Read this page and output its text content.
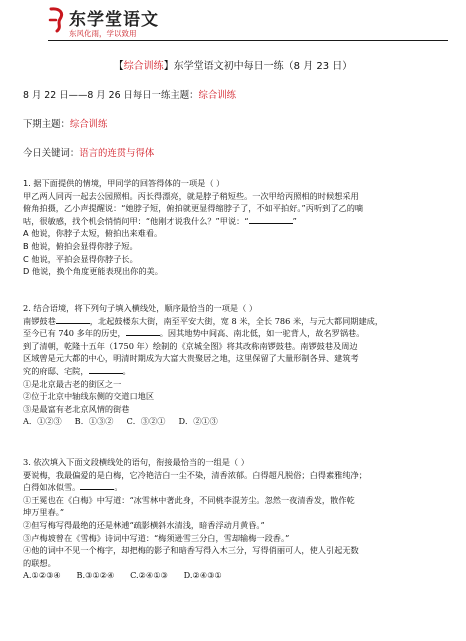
东学堂语文
东风化雨，学以致用
【综合训练】东学堂语文初中每日一练（8 月 23 日）
8 月 22 日——8 月 26 日每日一练主题：综合训练
下期主题：综合训练
今日关键词：语言的连贯与得体
1. 据下面提供的情境，甲同学的回答得体的一项是（ ）
甲乙两人同丙一起去公园照相。丙长得漂亮，就是脖子稍短些。一次甲给丙照相的时候想采用
俯角拍摄，乙小声提醒说：“她脖子短，俯拍就更显得缩脖子了，不如平拍好。”丙听到了乙的嘀
咕，很敏感，找个机会悄悄问甲：“他刚才说我什么？”甲说：“	”
A 他说，你脖子太短，俯拍出来难看。
B 他说，俯拍会显得你脖子短。
C 他说，平拍会显得你脖子长。
D 他说，换个角度更能表现出你的美。
2. 结合语境，将下列句子填入横线处，顺序最恰当的一项是（ ）
南锣鼓巷	，北起鼓楼东大街，南至平安大街，宽 8 米，全长 786 米，与元大都同期建成，
至今已有 740 多年的历史，	。因其地势中间高、南北低，如一驼背人，故名罗锅巷。
到了清朝，乾隆十五年（1750 年）绘制的《京城全图》将其改称南锣鼓巷。南锣鼓巷及周边
区域曾是元大都的中心，明清时期成为大富大贵聚居之地，这里保留了大量形制各异、建筑考
究的府邸、宅院，	。
①是北京最古老的街区之一
②位于北京中轴线东侧的交道口地区
③是最富有老北京风情的街巷
A．①②③     B．①③②     C．③②①     D．②①③
3. 依次填入下面文段横线处的语句，衔接最恰当的一组是（ ）
要说梅，我最偏爱的是白梅，它冷艳洁白一尘不染，清香浓郁。白得超凡脱俗；白得素雅纯净；
白得如冰似雪。	。
①王冕也在《白梅》中写道：“冰雪林中著此身，不同桃李混芳尘。忽然一夜清香发，散作乾
坤万里春。”
②但写梅写得最绝的还是林逋“疏影横斜水清浅，暗香浮动月黄昏。”
③卢梅坡曾在《雪梅》诗词中写道：“梅须逊雪三分白，雪却输梅一段香。”
④他的词中不见一个梅字，却把梅的影子和暗香写得入木三分，写得俏丽可人，使人引起无数
的联想。
A.①②③④      B.③①②④      C.②④①③      D.②④③①
